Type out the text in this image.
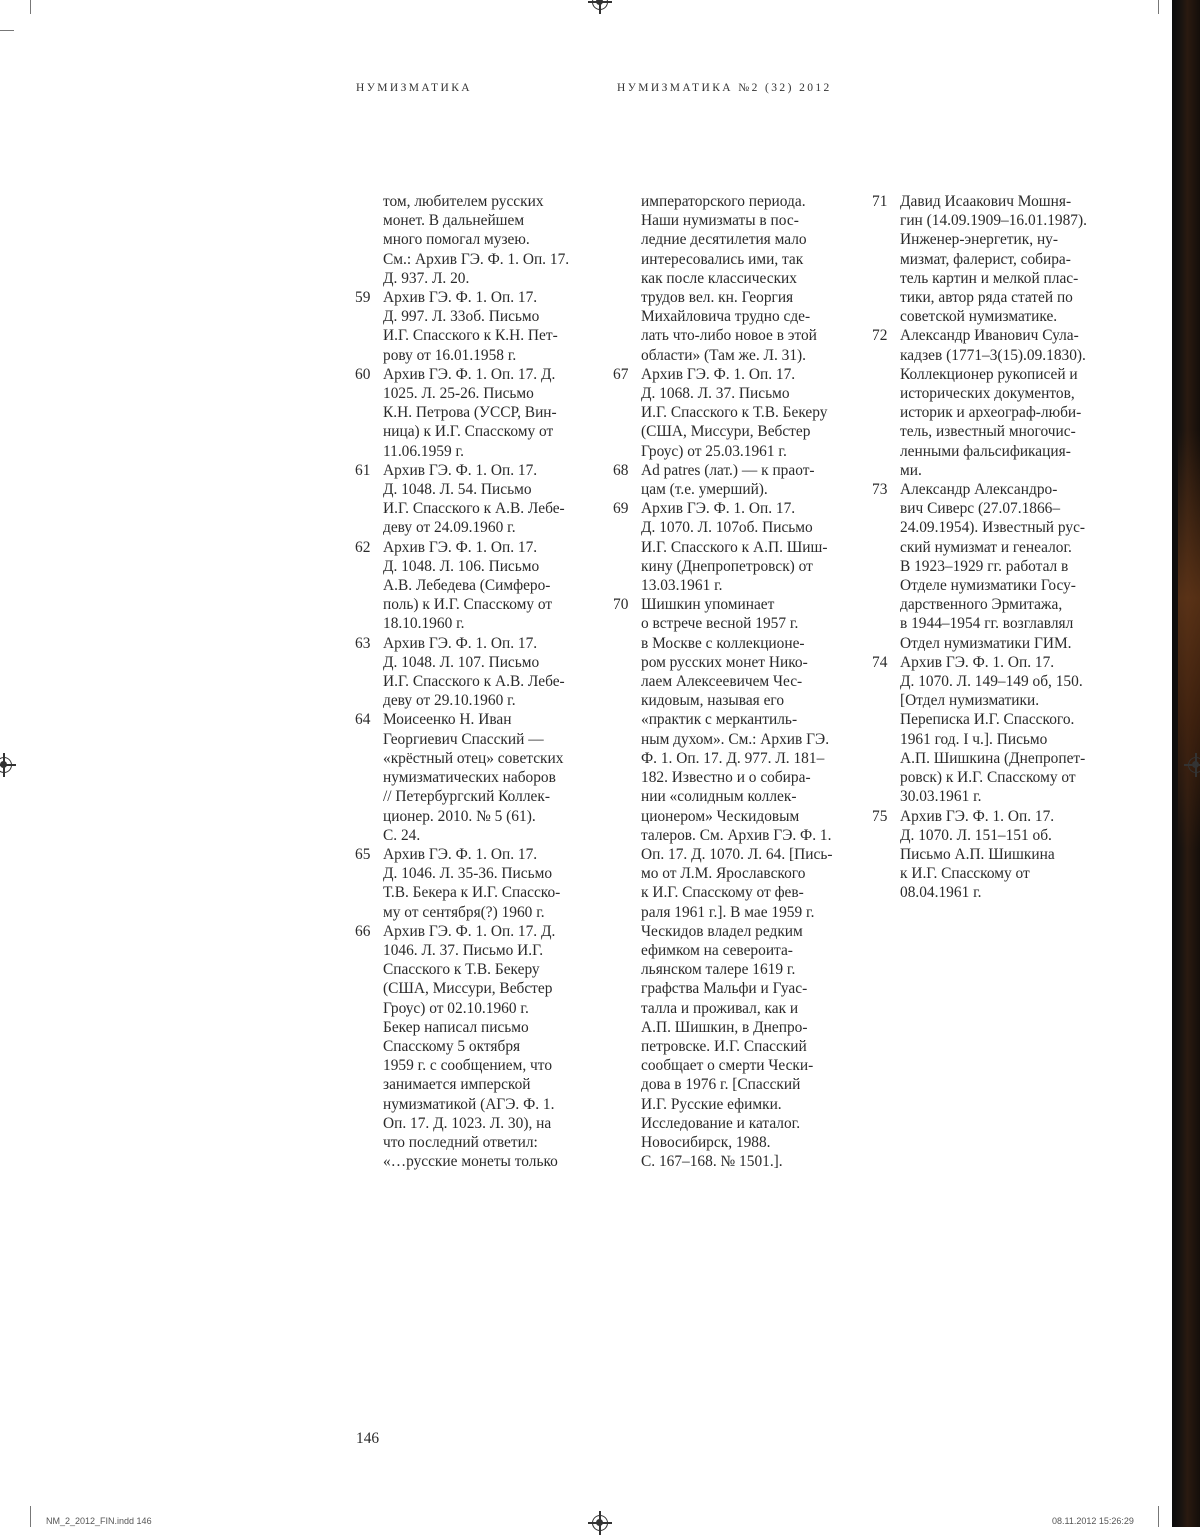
НУМИЗМАТИКА	НУМИЗМАТИКА №2 (32) 2012
том, любителем русских
монет. В дальнейшем
много помогал музею.
См.: Архив ГЭ. Ф. 1. Оп. 17.
Д. 937. Л. 20.
59 Архив ГЭ. Ф. 1. Оп. 17.
Д. 997. Л. 33об. Письмо
И.Г. Спасского к К.Н. Пет-
рову от 16.01.1958 г.
60 Архив ГЭ. Ф. 1. Оп. 17. Д.
1025. Л. 25-26. Письмо
К.Н. Петрова (УССР, Вин-
ница) к И.Г. Спасскому от
11.06.1959 г.
61 Архив ГЭ. Ф. 1. Оп. 17.
Д. 1048. Л. 54. Письмо
И.Г. Спасского к А.В. Лебе-
деву от 24.09.1960 г.
62 Архив ГЭ. Ф. 1. Оп. 17.
Д. 1048. Л. 106. Письмо
А.В. Лебедева (Симферо-
поль) к И.Г. Спасскому от
18.10.1960 г.
63 Архив ГЭ. Ф. 1. Оп. 17.
Д. 1048. Л. 107. Письмо
И.Г. Спасского к А.В. Лебе-
деву от 29.10.1960 г.
64 Моисеенко Н. Иван
Георгиевич Спасский —
«крёстный отец» советских
нумизматических наборов
// Петербургский Коллек-
ционер. 2010. № 5 (61).
С. 24.
65 Архив ГЭ. Ф. 1. Оп. 17.
Д. 1046. Л. 35-36. Письмо
Т.В. Бекера к И.Г. Спасско-
му от сентября(?) 1960 г.
66 Архив ГЭ. Ф. 1. Оп. 17. Д.
1046. Л. 37. Письмо И.Г.
Спасского к Т.В. Бекеру
(США, Миссури, Вебстер
Гроус) от 02.10.1960 г.
Бекер написал письмо
Спасскому 5 октября
1959 г. с сообщением, что
занимается имперской
нумизматикой (АГЭ. Ф. 1.
Оп. 17. Д. 1023. Л. 30), на
что последний ответил:
«…русские монеты только
императорского периода.
Наши нумизматы в пос-
ледние десятилетия мало
интересовались ими, так
как после классических
трудов вел. кн. Георгия
Михайловича трудно сде-
лать что-либо новое в этой
области» (Там же. Л. 31).
67 Архив ГЭ. Ф. 1. Оп. 17.
Д. 1068. Л. 37. Письмо
И.Г. Спасского к Т.В. Бекеру
(США, Миссури, Вебстер
Гроус) от 25.03.1961 г.
68 Ad patres (лат.) — к праот-
цам (т.е. умерший).
69 Архив ГЭ. Ф. 1. Оп. 17.
Д. 1070. Л. 107об. Письмо
И.Г. Спасского к А.П. Шиш-
кину (Днепропетровск) от
13.03.1961 г.
70 Шишкин упоминает
о встрече весной 1957 г.
в Москве с коллекционе-
ром русских монет Нико-
лаем Алексеевичем Чес-
кидовым, называя его
«практик с меркантиль-
ным духом». См.: Архив ГЭ.
Ф. 1. Оп. 17. Д. 977. Л. 181–
182. Известно и о собира-
нии «солидным коллек-
ционером» Ческидовым
талеров. См. Архив ГЭ. Ф. 1.
Оп. 17. Д. 1070. Л. 64. [Пись-
мо от Л.М. Ярославского
к И.Г. Спасскому от фев-
раля 1961 г.]. В мае 1959 г.
Ческидов владел редким
ефимком на североита-
льянском талере 1619 г.
графства Мальфи и Гуас-
талла и проживал, как и
А.П. Шишкин, в Днепро-
петровске. И.Г. Спасский
сообщает о смерти Чески-
дова в 1976 г. [Спасский
И.Г. Русские ефимки.
Исследование и каталог.
Новосибирск, 1988.
С. 167–168. № 1501.].
71 Давид Исаакович Мошня-
гин (14.09.1909–16.01.1987).
Инженер-энергетик, ну-
мизмат, фалерист, собира-
тель картин и мелкой плас-
тики, автор ряда статей по
советской нумизматике.
72 Александр Иванович Сула-
кадзев (1771–3(15).09.1830).
Коллекционер рукописей и
исторических документов,
историк и археограф-люби-
тель, известный многочис-
ленными фальсификация-
ми.
73 Александр Александро-
вич Сиверс (27.07.1866–
24.09.1954). Известный рус-
ский нумизмат и генеалог.
В 1923–1929 гг. работал в
Отделе нумизматики Госу-
дарственного Эрмитажа,
в 1944–1954 гг. возглавлял
Отдел нумизматики ГИМ.
74 Архив ГЭ. Ф. 1. Оп. 17.
Д. 1070. Л. 149–149 об, 150.
[Отдел нумизматики.
Переписка И.Г. Спасского.
1961 год. I ч.]. Письмо
А.П. Шишкина (Днепропет-
ровск) к И.Г. Спасскому от
30.03.1961 г.
75 Архив ГЭ. Ф. 1. Оп. 17.
Д. 1070. Л. 151–151 об.
Письмо А.П. Шишкина
к И.Г. Спасскому от
08.04.1961 г.
146
NM_2_2012_FIN.indd 146	08.11.2012 15:26:29
